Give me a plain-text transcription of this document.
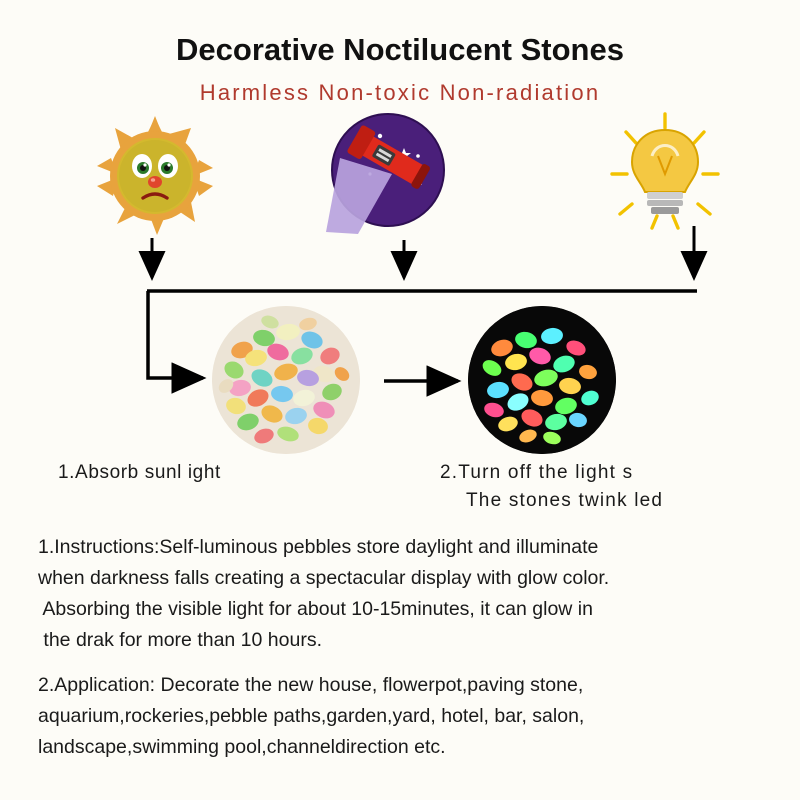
Decorative Noctilucent Stones
Harmless Non-toxic Non-radiation
1.Absorb sunl ight	2.Turn off the light s
The stones twink led

1.Instructions:Self-luminous pebbles store daylight and illuminate

when darkness falls creating a spectacular display with glow color.

Absorbing the visible light for about 10-15minutes, it can glow in

the drak for more than 10 hours.

2.Application: Decorate the new house, flowerpot,paving stone,

aquarium,rockeries,pebble paths,garden,yard, hotel, bar, salon,

landscape,swimming pool,channeldirection etc.
